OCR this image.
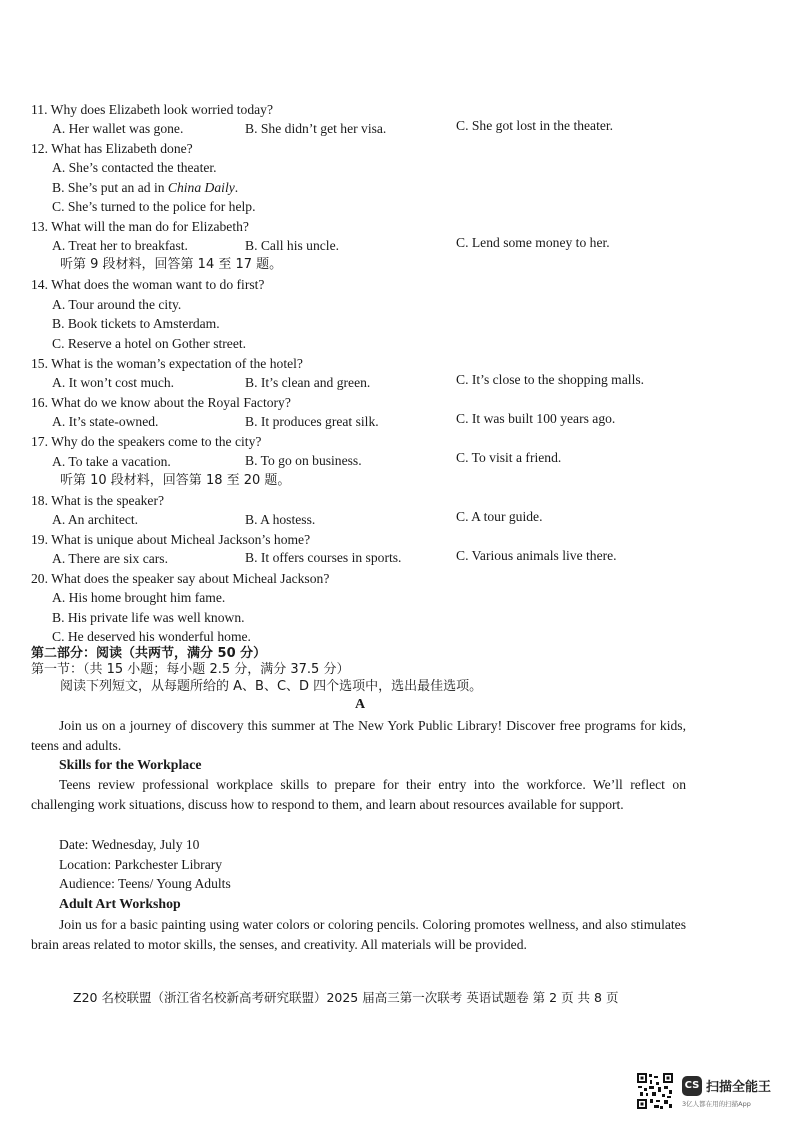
11. Why does Elizabeth look worried today?
A. Her wallet was gone.	B. She didn’t get her visa.	C. She got lost in the theater.
12. What has Elizabeth done?
A. She’s contacted the theater.
B. She’s put an ad in China Daily.
C. She’s turned to the police for help.
13. What will the man do for Elizabeth?
A. Treat her to breakfast.	B. Call his uncle.	C. Lend some money to her.
听第 9 段材料，回答第 14 至 17 题。
14. What does the woman want to do first?
A. Tour around the city.
B. Book tickets to Amsterdam.
C. Reserve a hotel on Gother street.
15. What is the woman’s expectation of the hotel?
A. It won’t cost much.	B. It’s clean and green.	C. It’s close to the shopping malls.
16. What do we know about the Royal Factory?
A. It’s state-owned.	B. It produces great silk.	C. It was built 100 years ago.
17. Why do the speakers come to the city?
A. To take a vacation.	B. To go on business.	C. To visit a friend.
听第 10 段材料，回答第 18 至 20 题。
18. What is the speaker?
A. An architect.	B. A hostess.	C. A tour guide.
19. What is unique about Micheal Jackson’s home?
A. There are six cars.	B. It offers courses in sports.	C. Various animals live there.
20. What does the speaker say about Micheal Jackson?
A. His home brought him fame.
B. His private life was well known.
C. He deserved his wonderful home.
第二部分：阅读（共两节，满分 50 分）
第一节：（共 15 小题；每小题 2.5 分，满分 37.5 分）
阅读下列短文，从每题所给的 A、B、C、D 四个选项中，选出最佳选项。
A
Join us on a journey of discovery this summer at The New York Public Library! Discover free programs for kids, teens and adults.
Skills for the Workplace
Teens review professional workplace skills to prepare for their entry into the workforce. We’ll reflect on challenging work situations, discuss how to respond to them, and learn about resources available for support.
Date: Wednesday, July 10
Location: Parkchester Library
Audience: Teens/ Young Adults
Adult Art Workshop
Join us for a basic painting using water colors or coloring pencils. Coloring promotes wellness, and also stimulates brain areas related to motor skills, the senses, and creativity. All materials will be provided.
Z20 名校联盟（浙江省名校新高考研究联盟）2025 届高三第一次联考 英语试题卷 第 2 页 共 8 页
CS 扫描全能王
3亿人都在用的扫描App
